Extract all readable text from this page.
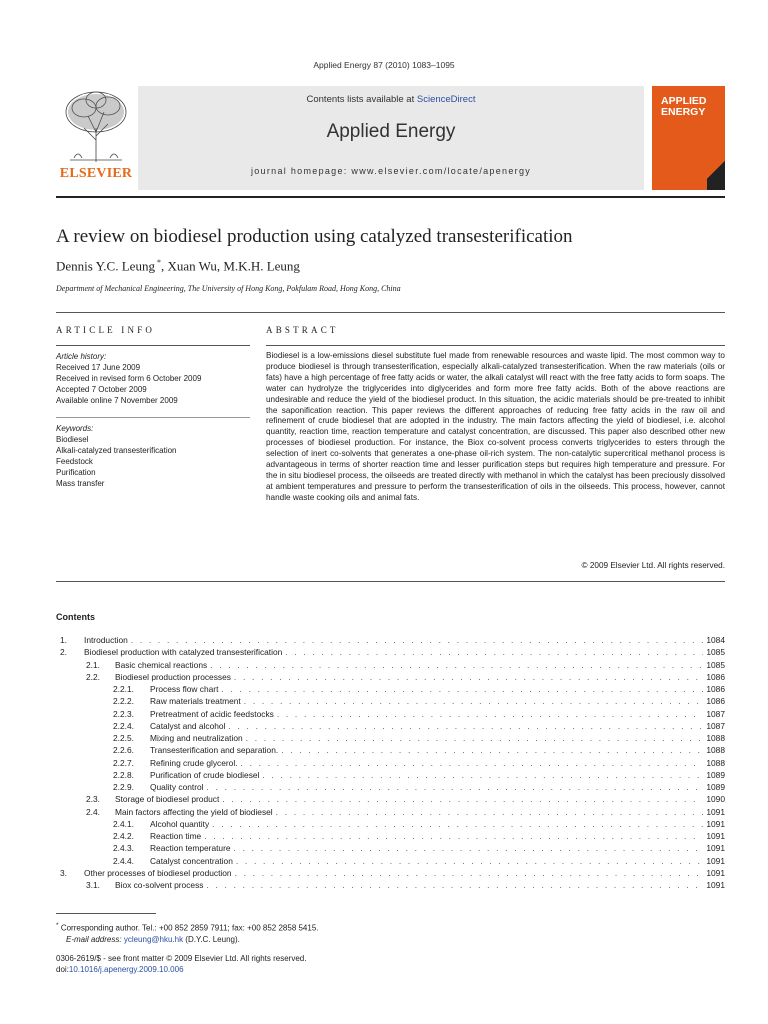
Applied Energy 87 (2010) 1083–1095
ELSEVIER
Contents lists available at ScienceDirect
Applied Energy
journal homepage: www.elsevier.com/locate/apenergy
APPLIED
ENERGY
A review on biodiesel production using catalyzed transesterification
Dennis Y.C. Leung *, Xuan Wu, M.K.H. Leung
Department of Mechanical Engineering, The University of Hong Kong, Pokfulam Road, Hong Kong, China
ARTICLE INFO	ABSTRACT
Article history:
Received 17 June 2009
Received in revised form 6 October 2009
Accepted 7 October 2009
Available online 7 November 2009
Keywords:
Biodiesel
Alkali-catalyzed transesterification
Feedstock
Purification
Mass transfer
Biodiesel is a low-emissions diesel substitute fuel made from renewable resources and waste lipid. The most common way to produce biodiesel is through transesterification, especially alkali-catalyzed transesterification. When the raw materials (oils or fats) have a high percentage of free fatty acids or water, the alkali catalyst will react with the free fatty acids to form soaps. The water can hydrolyze the triglycerides into diglycerides and form more free fatty acids. Both of the above reactions are undesirable and reduce the yield of the biodiesel product. In this situation, the acidic materials should be pre-treated to inhibit the saponification reaction. This paper reviews the different approaches of reducing free fatty acids in the raw oil and refinement of crude biodiesel that are adopted in the industry. The main factors affecting the yield of biodiesel, i.e. alcohol quantity, reaction time, reaction temperature and catalyst concentration, are discussed. This paper also described other new processes of biodiesel production. For instance, the Biox co-solvent process converts triglycerides to esters through the selection of inert co-solvents that generates a one-phase oil-rich system. The non-catalytic supercritical methanol process is advantageous in terms of shorter reaction time and lesser purification steps but requires high temperature and pressure. For the in situ biodiesel process, the oilseeds are treated directly with methanol in which the catalyst has been preciously dissolved at ambient temperatures and pressure to perform the transesterification of oils in the oilseeds. This process, however, cannot handle waste cooking oils and animal fats.
© 2009 Elsevier Ltd. All rights reserved.
Contents
1.	Introduction . . .	1084
2.	Biodiesel production with catalyzed transesterification . . .	1085
2.1.	Basic chemical reactions . . .	1085
2.2.	Biodiesel production processes . . .	1086
2.2.1.	Process flow chart . . .	1086
2.2.2.	Raw materials treatment . . .	1086
2.2.3.	Pretreatment of acidic feedstocks . . .	1087
2.2.4.	Catalyst and alcohol . . .	1087
2.2.5.	Mixing and neutralization . . .	1088
2.2.6.	Transesterification and separation. . . .	1088
2.2.7.	Refining crude glycerol. . . .	1088
2.2.8.	Purification of crude biodiesel . . .	1089
2.2.9.	Quality control . . .	1089
2.3.	Storage of biodiesel product . . .	1090
2.4.	Main factors affecting the yield of biodiesel . . .	1091
2.4.1.	Alcohol quantity . . .	1091
2.4.2.	Reaction time . . .	1091
2.4.3.	Reaction temperature . . .	1091
2.4.4.	Catalyst concentration . . .	1091
3.	Other processes of biodiesel production . . .	1091
3.1.	Biox co-solvent process . . .	1091
* Corresponding author. Tel.: +00 852 2859 7911; fax: +00 852 2858 5415.
E-mail address: ycleung@hku.hk (D.Y.C. Leung).
0306-2619/$ - see front matter © 2009 Elsevier Ltd. All rights reserved.
doi:10.1016/j.apenergy.2009.10.006
